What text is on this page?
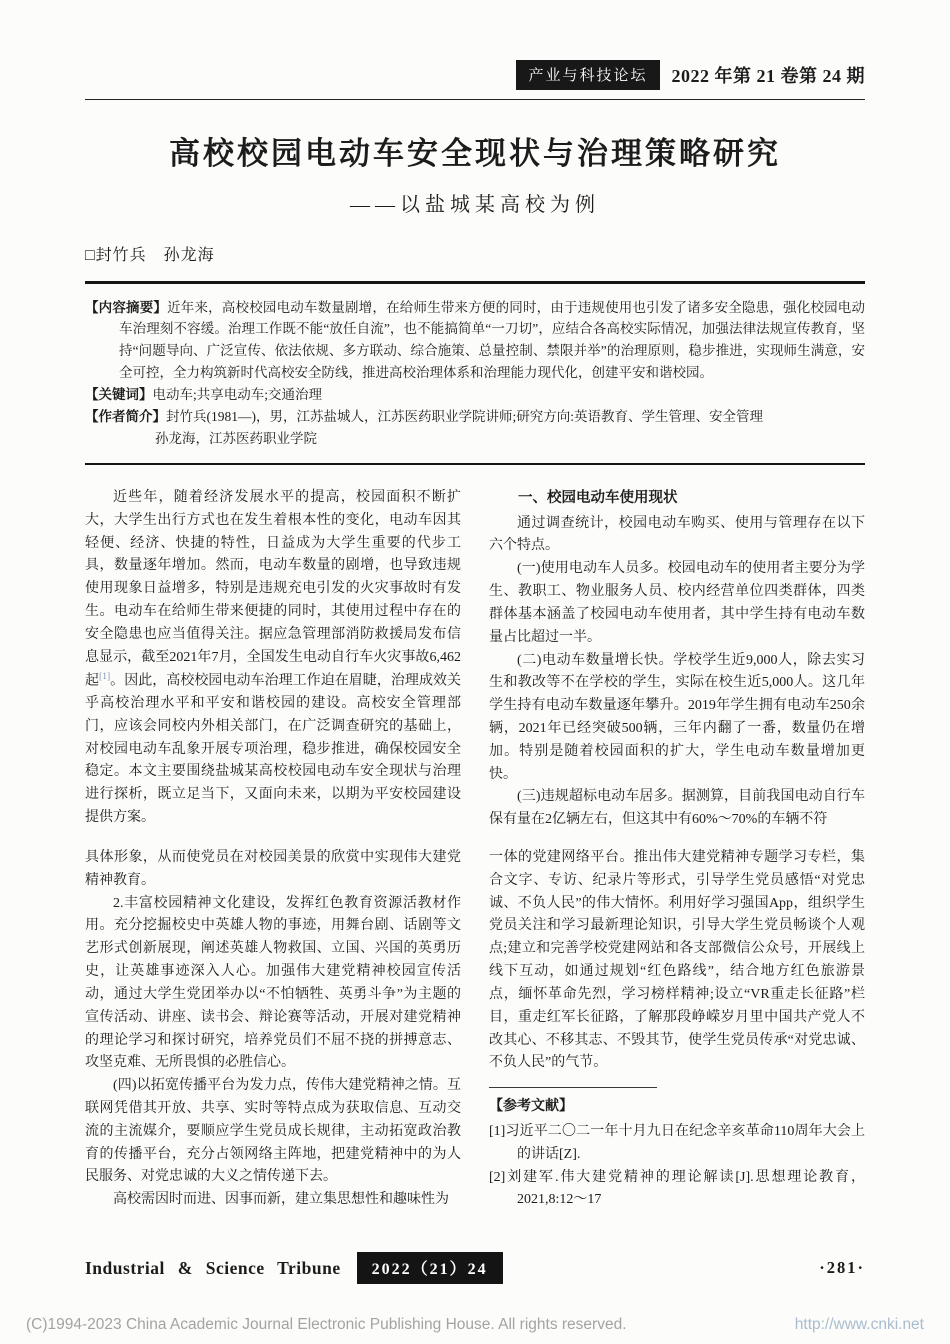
产业与科技论坛	2022 年第 21 卷第 24 期
高校校园电动车安全现状与治理策略研究
——以盐城某高校为例
□封竹兵　孙龙海

【内容摘要】近年来，高校校园电动车数量剧增，在给师生带来方便的同时，由于违规使用也引发了诸多安全隐患，强化校园电动车治理刻不容缓。治理工作既不能“放任自流”，也不能搞简单“一刀切”，应结合各高校实际情况，加强法律法规宣传教育，坚持“问题导向、广泛宣传、依法依规、多方联动、综合施策、总量控制、禁限并举”的治理原则，稳步推进，实现师生满意，安全可控，全力构筑新时代高校安全防线，推进高校治理体系和治理能力现代化，创建平安和谐校园。

【关键词】电动车;共享电动车;交通治理

【作者简介】封竹兵(1981—)，男，江苏盐城人，江苏医药职业学院讲师;研究方向:英语教育、学生管理、安全管理

孙龙海，江苏医药职业学院

近些年，随着经济发展水平的提高，校园面积不断扩大，大学生出行方式也在发生着根本性的变化，电动车因其轻便、经济、快捷的特性，日益成为大学生重要的代步工具，数量逐年增加。然而，电动车数量的剧增，也导致违规使用现象日益增多，特别是违规充电引发的火灾事故时有发生。电动车在给师生带来便捷的同时，其使用过程中存在的安全隐患也应当值得关注。据应急管理部消防救援局发布信息显示，截至2021年7月，全国发生电动自行车火灾事故6,462起[1]。因此，高校校园电动车治理工作迫在眉睫，治理成效关乎高校治理水平和平安和谐校园的建设。高校安全管理部门，应该会同校内外相关部门，在广泛调查研究的基础上，对校园电动车乱象开展专项治理，稳步推进，确保校园安全稳定。本文主要围绕盐城某高校校园电动车安全现状与治理进行探析，既立足当下，又面向未来，以期为平安校园建设提供方案。

一、校园电动车使用现状

通过调查统计，校园电动车购买、使用与管理存在以下六个特点。

(一)使用电动车人员多。校园电动车的使用者主要分为学生、教职工、物业服务人员、校内经营单位四类群体，四类群体基本涵盖了校园电动车使用者，其中学生持有电动车数量占比超过一半。

(二)电动车数量增长快。学校学生近9,000人，除去实习生和教改等不在学校的学生，实际在校生近5,000人。这几年学生持有电动车数量逐年攀升。2019年学生拥有电动车250余辆，2021年已经突破500辆，三年内翻了一番，数量仍在增加。特别是随着校园面积的扩大，学生电动车数量增加更快。

(三)违规超标电动车居多。据测算，目前我国电动自行车保有量在2亿辆左右，但这其中有60%～70%的车辆不符

具体形象，从而使党员在对校园美景的欣赏中实现伟大建党精神教育。

2.丰富校园精神文化建设，发挥红色教育资源活教材作用。充分挖掘校史中英雄人物的事迹，用舞台剧、话剧等文艺形式创新展现，阐述英雄人物救国、立国、兴国的英勇历史，让英雄事迹深入人心。加强伟大建党精神校园宣传活动，通过大学生党团举办以“不怕牺牲、英勇斗争”为主题的宣传活动、讲座、读书会、辩论赛等活动，开展对建党精神的理论学习和探讨研究，培养党员们不屈不挠的拼搏意志、攻坚克难、无所畏惧的必胜信心。

(四)以拓宽传播平台为发力点，传伟大建党精神之情。互联网凭借其开放、共享、实时等特点成为获取信息、互动交流的主流媒介，要顺应学生党员成长规律，主动拓宽政治教育的传播平台，充分占领网络主阵地，把建党精神中的为人民服务、对党忠诚的大义之情传递下去。

高校需因时而进、因事而新，建立集思想性和趣味性为

一体的党建网络平台。推出伟大建党精神专题学习专栏，集合文字、专访、纪录片等形式，引导学生党员感悟“对党忠诚、不负人民”的伟大情怀。利用好学习强国App，组织学生党员关注和学习最新理论知识，引导大学生党员畅谈个人观点;建立和完善学校党建网站和各支部微信公众号，开展线上线下互动，如通过规划“红色路线”，结合地方红色旅游景点，缅怀革命先烈，学习榜样精神;设立“VR重走长征路”栏目，重走红军长征路，了解那段峥嵘岁月里中国共产党人不改其心、不移其志、不毁其节，使学生党员传承“对党忠诚、不负人民”的气节。

【参考文献】

[1]习近平二〇二一年十月九日在纪念辛亥革命110周年大会上的讲话[Z].

[2]刘建军.伟大建党精神的理论解读[J].思想理论教育，2021,8:12～17

Industrial & Science Tribune	2022（21）24	·281·
(C)1994-2023 China Academic Journal Electronic Publishing House. All rights reserved.	http://www.cnki.net
